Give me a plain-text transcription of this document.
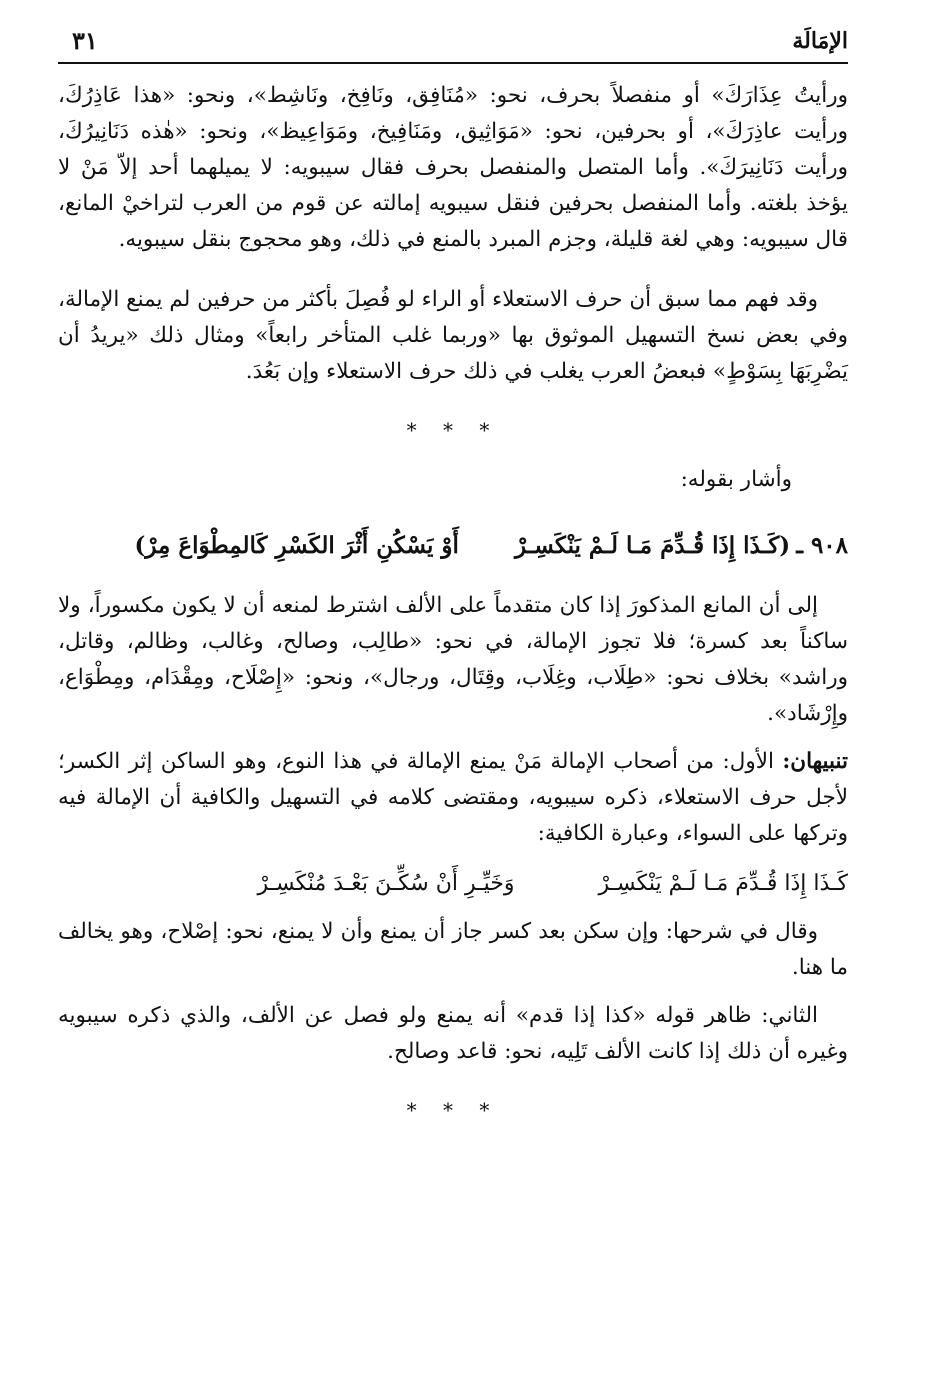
الإمَالَة
٣١

ورأيتُ عِذَارَكَ» أو منفصلاً بحرف، نحو: «مُنَافِق، ونَافِخ، ونَاشِط»، ونحو: «هذا عَاذِرُكَ، ورأيت عاذِرَكَ»، أو بحرفين، نحو: «مَوَاثِيق، ومَنَافِيخ، ومَوَاعِيظ»، ونحو: «هٰذه دَنَانِيرُكَ، ورأيت دَنَانِيرَكَ». وأما المتصل والمنفصل بحرف فقال سيبويه: لا يميلهما أحد إلاّ مَنْ لا يؤخذ بلغته. وأما المنفصل بحرفين فنقل سيبويه إمالته عن قوم من العرب لتراخيْ المانع، قال سيبويه: وهي لغة قليلة، وجزم المبرد بالمنع في ذلك، وهو محجوج بنقل سيبويه.

وقد فهم مما سبق أن حرف الاستعلاء أو الراء لو فُصِلَ بأكثر من حرفين لم يمنع الإمالة، وفي بعض نسخ التسهيل الموثوق بها «وربما غلب المتأخر رابعاً» ومثال ذلك «يريدُ أن يَضْرِبَهَا بِسَوْطٍ» فبعضُ العرب يغلب في ذلك حرف الاستعلاء وإن بَعُدَ.

* * *
وأشار بقوله:
٩٠٨ ـ
(كَـذَا إِذَا قُـدِّمَ مَـا لَـمْ يَنْكَسِـرْ
أَوْ يَسْكُنِ أَثْرَ الكَسْرِ كَالمِطْوَاعَ مِرْ)

إلى أن المانع المذكورَ إذا كان متقدماً على الألف اشترط لمنعه أن لا يكون مكسوراً، ولا ساكناً بعد كسرة؛ فلا تجوز الإمالة، في نحو: «طالِب، وصالح، وغالب، وظالم، وقاتل، وراشد» بخلاف نحو: «طِلَاب، وغِلَاب، وقِتَال، ورجال»، ونحو: «إِصْلَاح، ومِقْدَام، ومِطْوَاع، وإِرْشَاد».

تنبيهان: الأول: من أصحاب الإمالة مَنْ يمنع الإمالة في هذا النوع، وهو الساكن إثر الكسر؛ لأجل حرف الاستعلاء، ذكره سيبويه، ومقتضى كلامه في التسهيل والكافية أن الإمالة فيه وتركها على السواء، وعبارة الكافية:

كَـذَا إِذَا قُـدِّمَ مَـا لَـمْ يَنْكَسِـرْ
وَخَيِّـرِ أَنْ سُكِّـنَ بَعْـدَ مُنْكَسِـرْ

وقال في شرحها: وإن سكن بعد كسر جاز أن يمنع وأن لا يمنع، نحو: إصْلاح، وهو يخالف ما هنا.

الثاني: ظاهر قوله «كذا إذا قدم» أنه يمنع ولو فصل عن الألف، والذي ذكره سيبويه وغيره أن ذلك إذا كانت الألف تَلِيه، نحو: قاعد وصالح.

* * *
